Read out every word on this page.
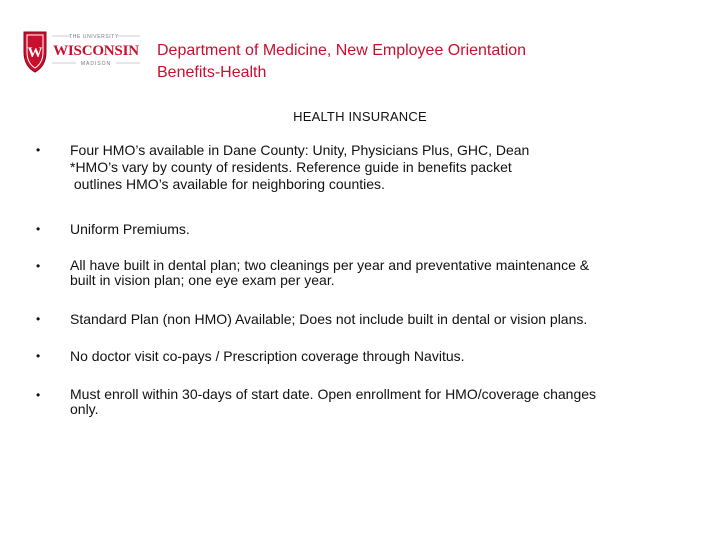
W
THE UNIVERSITY
WISCONSIN
MADISON
Department of Medicine, New Employee Orientation
Benefits-Health
HEALTH INSURANCE
• Four HMO’s available in Dane County: Unity, Physicians Plus, GHC, Dean
*HMO’s vary by county of residents. Reference guide in benefits packet
outlines HMO’s available for neighboring counties.
• Uniform Premiums.
• All have built in dental plan; two cleanings per year and preventative maintenance &
built in vision plan; one eye exam per year.
• Standard Plan (non HMO) Available; Does not include built in dental or vision plans.
• No doctor visit co-pays / Prescription coverage through Navitus.
• Must enroll within 30-days of start date. Open enrollment for HMO/coverage changes
only.
